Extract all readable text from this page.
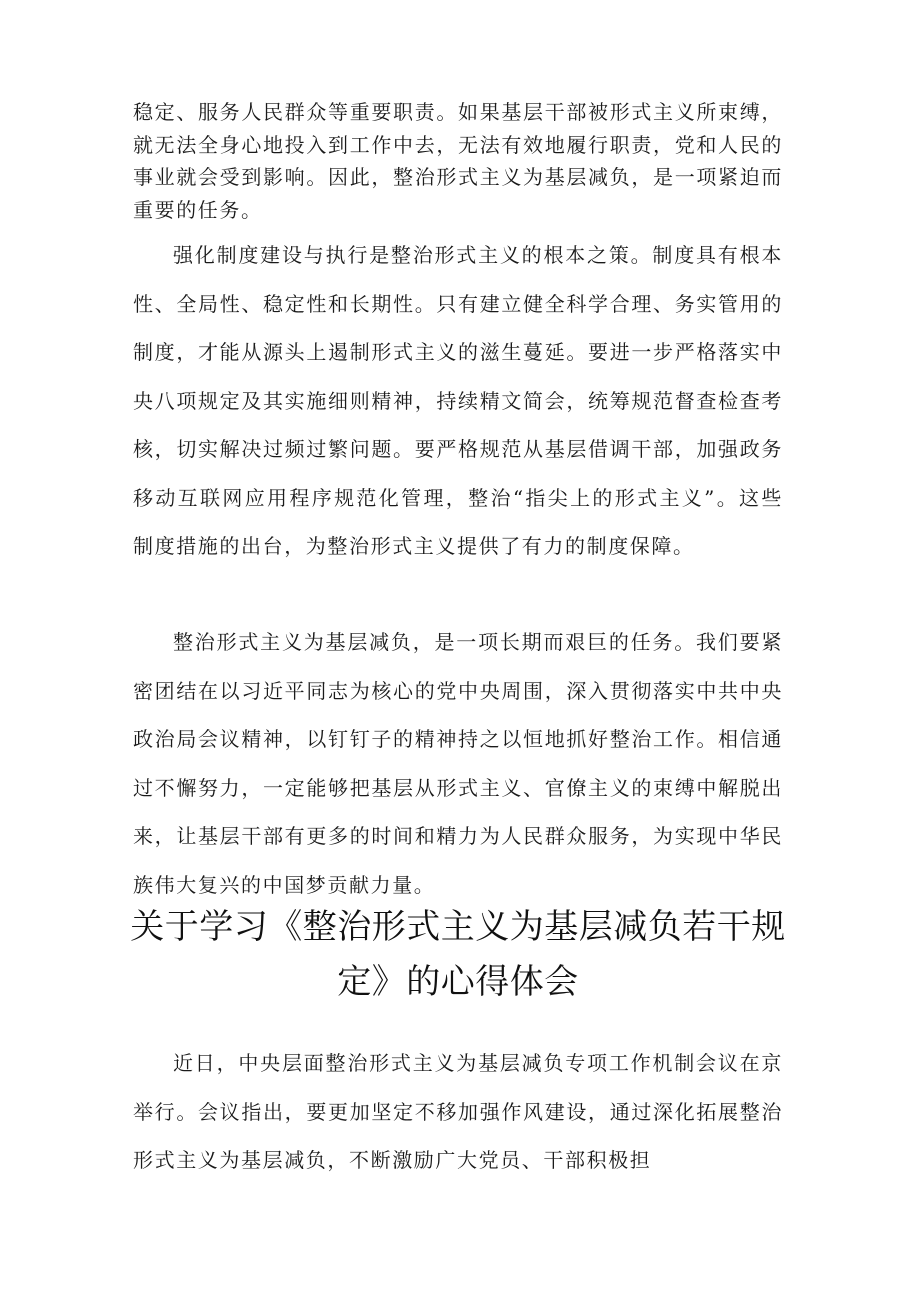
稳定、服务人民群众等重要职责。如果基层干部被形式主义所束缚，就无法全身心地投入到工作中去，无法有效地履行职责，党和人民的事业就会受到影响。因此，整治形式主义为基层减负，是一项紧迫而重要的任务。

强化制度建设与执行是整治形式主义的根本之策。制度具有根本性、全局性、稳定性和长期性。只有建立健全科学合理、务实管用的制度，才能从源头上遏制形式主义的滋生蔓延。要进一步严格落实中央八项规定及其实施细则精神，持续精文简会，统筹规范督查检查考核，切实解决过频过繁问题。要严格规范从基层借调干部，加强政务移动互联网应用程序规范化管理，整治“指尖上的形式主义”。这些制度措施的出台，为整治形式主义提供了有力的制度保障。

整治形式主义为基层减负，是一项长期而艰巨的任务。我们要紧密团结在以习近平同志为核心的党中央周围，深入贯彻落实中共中央政治局会议精神，以钉钉子的精神持之以恒地抓好整治工作。相信通过不懈努力，一定能够把基层从形式主义、官僚主义的束缚中解脱出来，让基层干部有更多的时间和精力为人民群众服务，为实现中华民族伟大复兴的中国梦贡献力量。

关于学习《整治形式主义为基层减负若干规定》的心得体会

近日，中央层面整治形式主义为基层减负专项工作机制会议在京举行。会议指出，要更加坚定不移加强作风建设，通过深化拓展整治形式主义为基层减负，不断激励广大党员、干部积极担
